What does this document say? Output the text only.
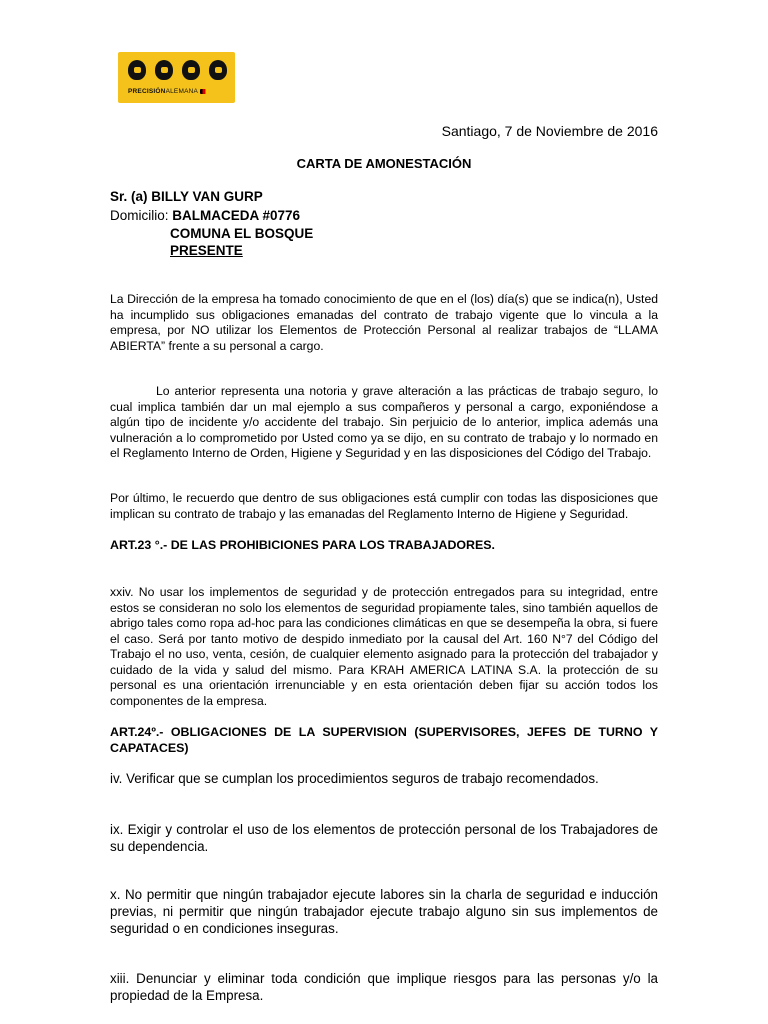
PRECISIÓNALEMANA
Santiago, 7 de Noviembre de 2016
CARTA DE AMONESTACIÓN
Sr. (a) BILLY VAN GURP
Domicilio: BALMACEDA #0776
COMUNA EL BOSQUE
PRESENTE
La Dirección de la empresa ha tomado conocimiento de que en el (los) día(s) que se indica(n), Usted ha incumplido sus obligaciones emanadas del contrato de trabajo vigente que lo vincula a la empresa, por NO utilizar los Elementos de Protección Personal al realizar trabajos de “LLAMA ABIERTA” frente a su personal a cargo.
Lo anterior representa una notoria y grave alteración a las prácticas de trabajo seguro, lo cual implica también dar un mal ejemplo a sus compañeros y personal a cargo, exponiéndose a algún tipo de incidente y/o accidente del trabajo. Sin perjuicio de lo anterior, implica además una vulneración a lo comprometido por Usted como ya se dijo, en su contrato de trabajo y lo normado en el Reglamento Interno de Orden, Higiene y Seguridad y en las disposiciones del Código del Trabajo.
Por último, le recuerdo que dentro de sus obligaciones está cumplir con todas las disposiciones que implican su contrato de trabajo y las emanadas del Reglamento Interno de Higiene y Seguridad.
ART.23 °.- DE LAS PROHIBICIONES PARA LOS TRABAJADORES.
xxiv. No usar los implementos de seguridad y de protección entregados para su integridad, entre estos se consideran no solo los elementos de seguridad propiamente tales, sino también aquellos de abrigo tales como ropa ad-hoc para las condiciones climáticas en que se desempeña la obra, si fuere el caso. Será por tanto motivo de despido inmediato por la causal del Art. 160 N°7 del Código del Trabajo el no uso, venta, cesión, de cualquier elemento asignado para la protección del trabajador y cuidado de la vida y salud del mismo. Para KRAH AMERICA LATINA S.A. la protección de su personal es una orientación irrenunciable y en esta orientación deben fijar su acción todos los componentes de la empresa.
ART.24º.- OBLIGACIONES DE LA SUPERVISION (SUPERVISORES, JEFES DE TURNO Y CAPATACES)
iv. Verificar que se cumplan los procedimientos seguros de trabajo recomendados.
ix. Exigir y controlar el uso de los elementos de protección personal de los Trabajadores de su dependencia.
x. No permitir que ningún trabajador ejecute labores sin la charla de seguridad e inducción previas, ni permitir que ningún trabajador ejecute trabajo alguno sin sus implementos de seguridad o en condiciones inseguras.
xiii. Denunciar y eliminar toda condición que implique riesgos para las personas y/o la propiedad de la Empresa.
